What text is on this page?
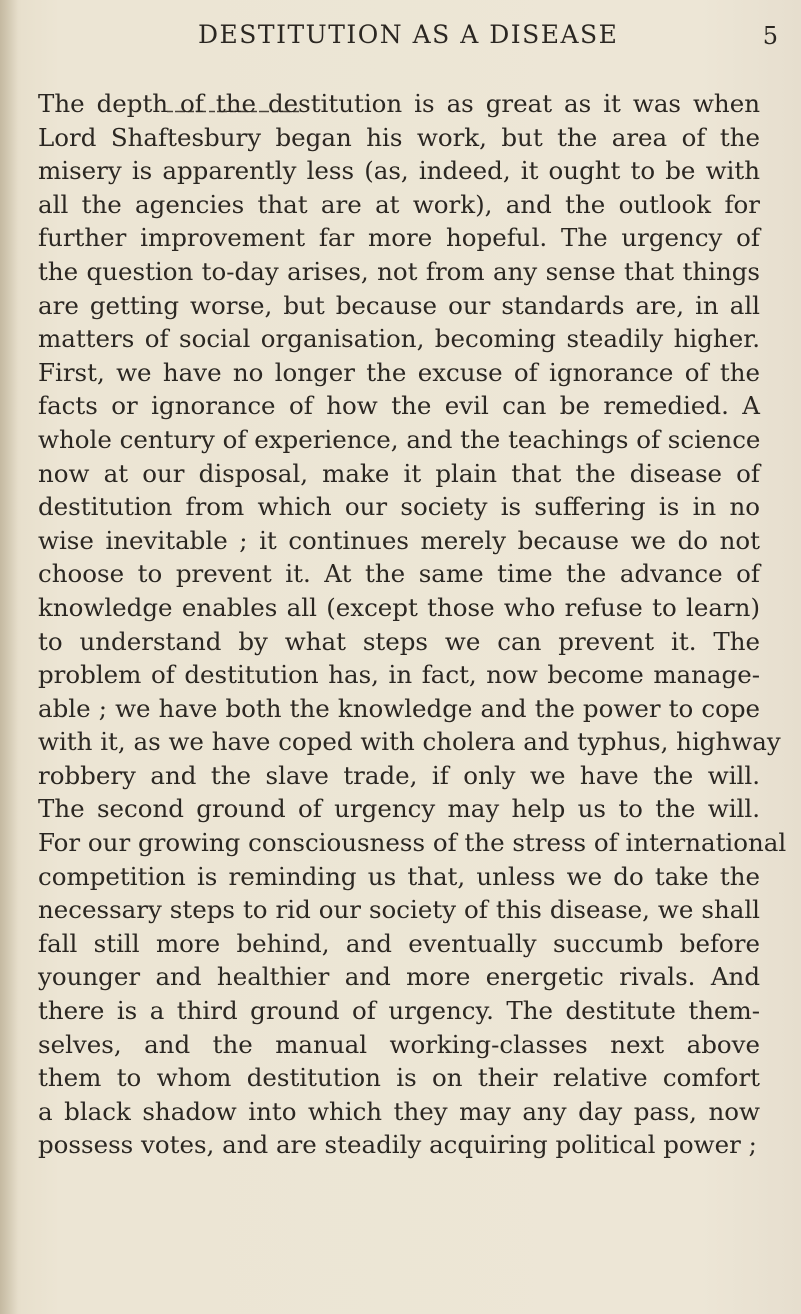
DESTITUTION AS A DISEASE	5
The depth of the destitution is as great as it was when
Lord Shaftesbury began his work, but the area of the
misery is apparently less (as, indeed, it ought to be with
all the agencies that are at work), and the outlook for
further improvement far more hopeful. The urgency of
the question to-day arises, not from any sense that things
are getting worse, but because our standards are, in all
matters of social organisation, becoming steadily higher.
First, we have no longer the excuse of ignorance of the
facts or ignorance of how the evil can be remedied. A
whole century of experience, and the teachings of science
now at our disposal, make it plain that the disease of
destitution from which our society is suffering is in no
wise inevitable ; it continues merely because we do not
choose to prevent it. At the same time the advance of
knowledge enables all (except those who refuse to learn)
to understand by what steps we can prevent it. The
problem of destitution has, in fact, now become manage-
able ; we have both the knowledge and the power to cope
with it, as we have coped with cholera and typhus, highway
robbery and the slave trade, if only we have the will.
The second ground of urgency may help us to the will.
For our growing consciousness of the stress of international
competition is reminding us that, unless we do take the
necessary steps to rid our society of this disease, we shall
fall still more behind, and eventually succumb before
younger and healthier and more energetic rivals. And
there is a third ground of urgency. The destitute them-
selves, and the manual working-classes next above
them to whom destitution is on their relative comfort
a black shadow into which they may any day pass, now
possess votes, and are steadily acquiring political power ;
